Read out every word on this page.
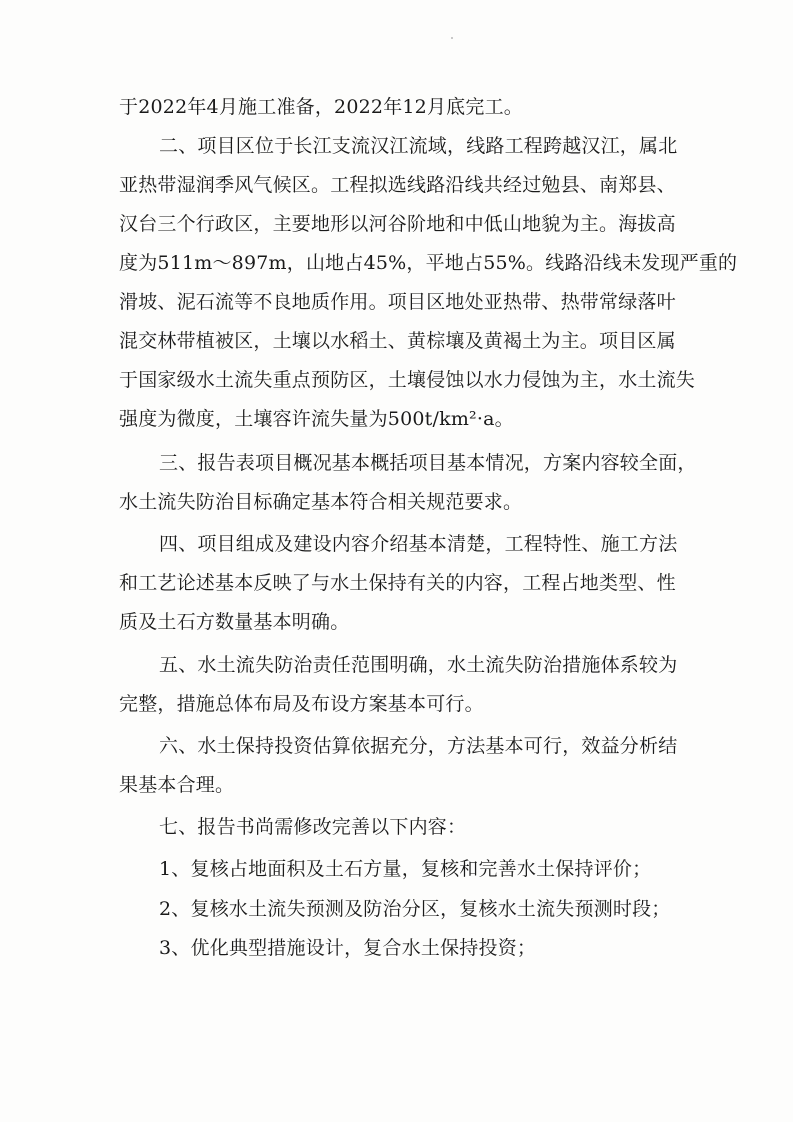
于2022年4月施工准备，2022年12月底完工。
二、项目区位于长江支流汉江流域，线路工程跨越汉江，属北
亚热带湿润季风气候区。工程拟选线路沿线共经过勉县、南郑县、
汉台三个行政区，主要地形以河谷阶地和中低山地貌为主。海拔高
度为511m～897m，山地占45%，平地占55%。线路沿线未发现严重的
滑坡、泥石流等不良地质作用。项目区地处亚热带、热带常绿落叶
混交林带植被区，土壤以水稻土、黄棕壤及黄褐土为主。项目区属
于国家级水土流失重点预防区，土壤侵蚀以水力侵蚀为主，水土流失
强度为微度，土壤容许流失量为500t/km²·a。
三、报告表项目概况基本概括项目基本情况，方案内容较全面，
水土流失防治目标确定基本符合相关规范要求。
四、项目组成及建设内容介绍基本清楚，工程特性、施工方法
和工艺论述基本反映了与水土保持有关的内容，工程占地类型、性
质及土石方数量基本明确。
五、水土流失防治责任范围明确，水土流失防治措施体系较为
完整，措施总体布局及布设方案基本可行。
六、水土保持投资估算依据充分，方法基本可行，效益分析结
果基本合理。
七、报告书尚需修改完善以下内容：
1、复核占地面积及土石方量，复核和完善水土保持评价；
2、复核水土流失预测及防治分区，复核水土流失预测时段；
3、优化典型措施设计，复合水土保持投资；
